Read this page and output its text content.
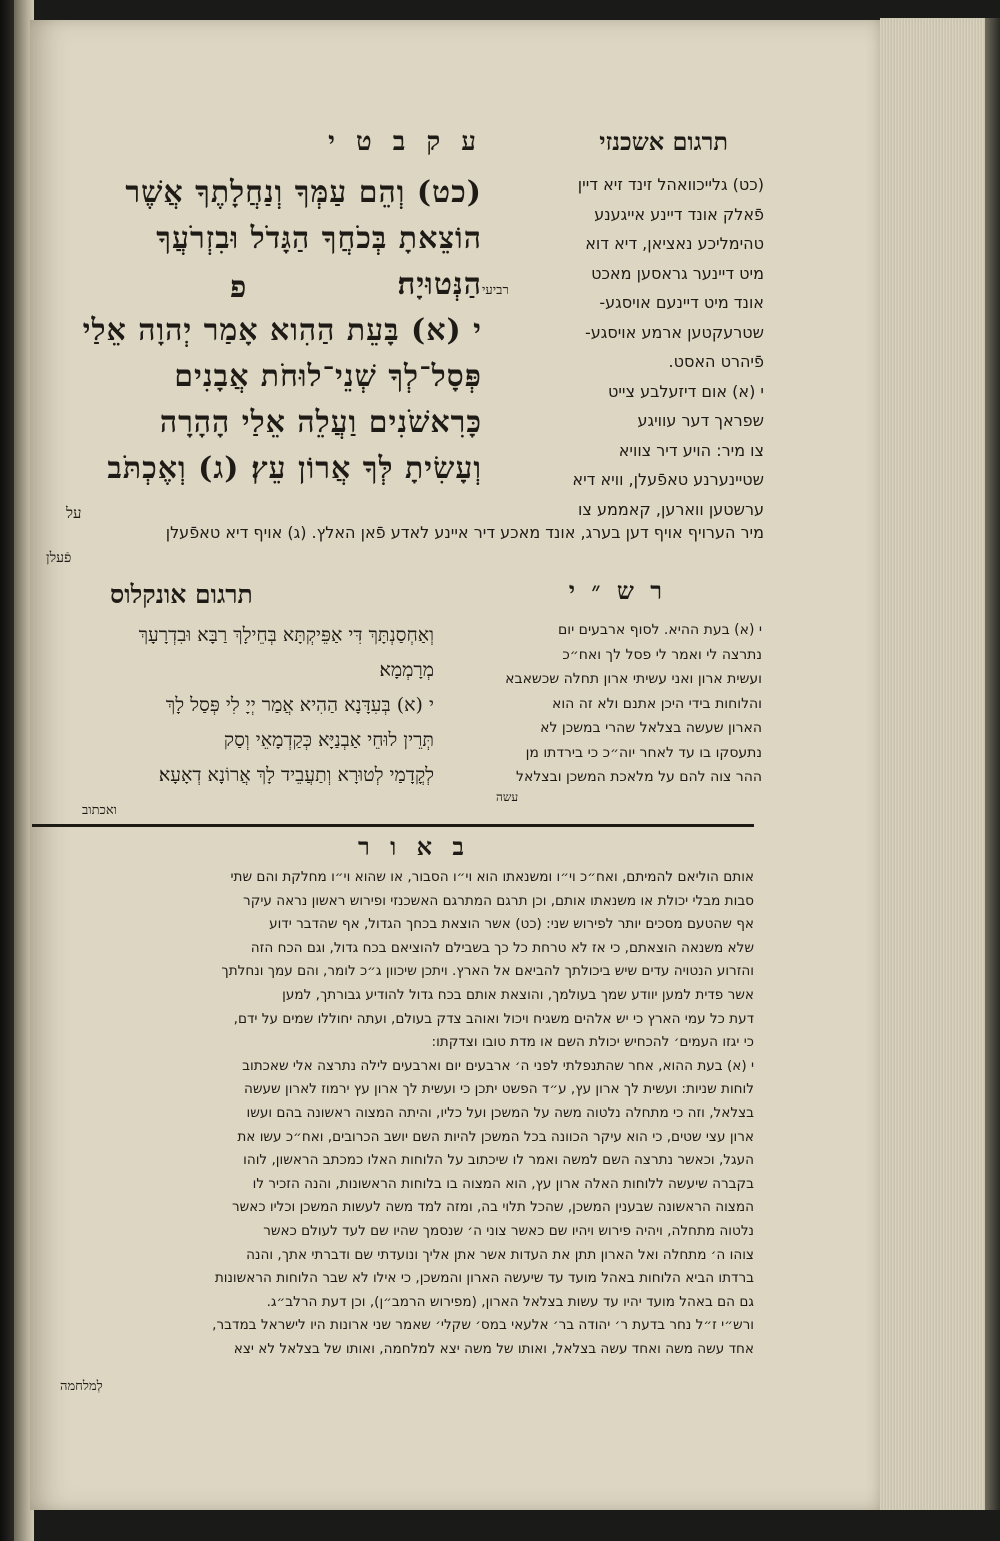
תרגום אשכנזי
ע ק ב ט י
(כט) וְהֵם עַמְּךָ וְנַחֲלָתֶךָ אֲשֶׁר
הוֹצֵאתָ בְּכֹחֲךָ הַגָּדֹל וּבִזְרֹעֲךָ
הַנְּטוּיָה׃
י (א) בָּעֵת הַהִוא אָמַר יְהוָה אֵלַי
פְּסָל־לְךָ שְׁנֵי־לוּחֹת אֲבָנִים
כָּרִאשֹׁנִים וַעֲלֵה אֵלַי הָהָרָה
וְעָשִׂיתָ לְּךָ אֲרוֹן עֵץ׃ (ג) וְאֶכְתֹּב
רביעי
פ
על
(כט) גלייכוואהל זינד זיא דיין
פֿאלק אונד דיינע אייגענע
טהימליכע נאציאן, דיא דוא
מיט דיינער גראסען מאכט
אונד מיט דיינעם אויסגע-
שטרעקטען ארמע אויסגע-
פֿיהרט האסט.
י (א) אום דיזעלבע צייט
שפראך דער עוויגע
צו מיר: הויע דיר צוויא
שטיינערנע טאפֿעלן, וויא דיא
ערשטען ווארען, קאממע צו
מיר הערויף אויף דען בערג, אונד מאכע דיר איינע לאדע פֿאן האלץ. (ג) אויף דיא טאפֿעלן
פֿעלן
ר ש ״ י
תרגום אונקלוס
וְאַחְסַנְתָּךְ דִּי אַפֵּיקְתָּא בְּחֵילָךְ רַבָּא וּבִדְרָעָךְ
מְרָמְמָא׃
י (א) בְּעִדָּנָא הַהִיא אֲמַר יְיָ לִי פְּסַל לָךְ
תְּרֵין לוּחֵי אַבְנַיָּא כְּקַדְמָאֵי וְסַק
לְקֳדָמַי לְטוּרָא וְתַעֲבֵיד לָךְ אֲרוֹנָא דְאָעָא׃
ואכתוב
י (א) בעת ההיא. לסוף ארבעים יום
נתרצה לי ואמר לי פסל לך ואח״כ
ועשית ארון ואני עשיתי ארון תחלה שכשאבא
והלוחות בידי היכן אתנם ולא זה הוא
הארון שעשה בצלאל שהרי במשכן לא
נתעסקו בו עד לאחר יוה״כ כי בירדתו מן
ההר צוה להם על מלאכת המשכן ובצלאל
עשה
ב א ו ר
אותם הוליאם להמיתם, ואח״כ וי״ו ומשנאתו הוא וי״ו הסבור, או שהוא וי״ו מחלקת והם שתי
סבות מבלי יכולת או משנאתו אותם, וכן תרגם המתרגם האשכנזי ופירוש ראשון נראה עיקר
אף שהטעם מסכים יותר לפירוש שני: (כט) אשר הוצאת בכחך הגדול, אף שהדבר ידוע
שלא משנאה הוצאתם, כי אז לא טרחת כל כך בשבילם להוציאם בכח גדול, וגם הכח הזה
והזרוע הנטויה עדים שיש ביכולתך להביאם אל הארץ. ויתכן שיכוון ג״כ לומר, והם עמך ונחלתך
אשר פדית למען יוודע שמך בעולמך, והוצאת אותם בכח גדול להודיע גבורתך, למען
דעת כל עמי הארץ כי יש אלהים משגיח ויכול ואוהב צדק בעולם, ועתה יחוללו שמים על ידם,
כי יגזו העמים׳ להכחיש יכולת השם או מדת טובו וצדקתו:
י (א) בעת ההוא, אחר שהתנפלתי לפני ה׳ ארבעים יום וארבעים לילה נתרצה אלי שאכתוב
לוחות שניות: ועשית לך ארון עץ, ע״ד הפשט יתכן כי ועשית לך ארון עץ ירמוז לארון שעשה
בצלאל, וזה כי מתחלה נלטוה משה על המשכן ועל כליו, והיתה המצוה ראשונה בהם ועשו
ארון עצי שטים, כי הוא עיקר הכוונה בכל המשכן להיות השם יושב הכרובים, ואח״כ עשו את
העגל, וכאשר נתרצה השם למשה ואמר לו שיכתוב על הלוחות האלו כמכתב הראשון, לוהו
בקברה שיעשה ללוחות האלה ארון עץ, הוא המצוה בו בלוחות הראשונות, והנה הזכיר לו
המצוה הראשונה שבענין המשכן, שהכל תלוי בה, ומזה למד משה לעשות המשכן וכליו כאשר
נלטוה מתחלה, ויהיה פירוש ויהיו שם כאשר צוני ה׳ שנסמך שהיו שם לעד לעולם כאשר
צוהו ה׳ מתחלה ואל הארון תתן את העדות אשר אתן אליך ונועדתי שם ודברתי אתך, והנה
ברדתו הביא הלוחות באהל מועד עד שיעשה הארון והמשכן, כי אילו לא שבר הלוחות הראשונות
גם הם באהל מועד יהיו עד עשות בצלאל הארון, (מפירוש הרמב״ן), וכן דעת הרלב״ג.
ורש״י ז״ל נחר בדעת ר׳ יהודה בר׳ אלעאי במס׳ שקלי׳ שאמר שני ארונות היו לישראל במדבר,
אחד עשה משה ואחד עשה בצלאל, ואותו של משה יצא למלחמה, ואותו של בצלאל לא יצא
לְמלחמה
